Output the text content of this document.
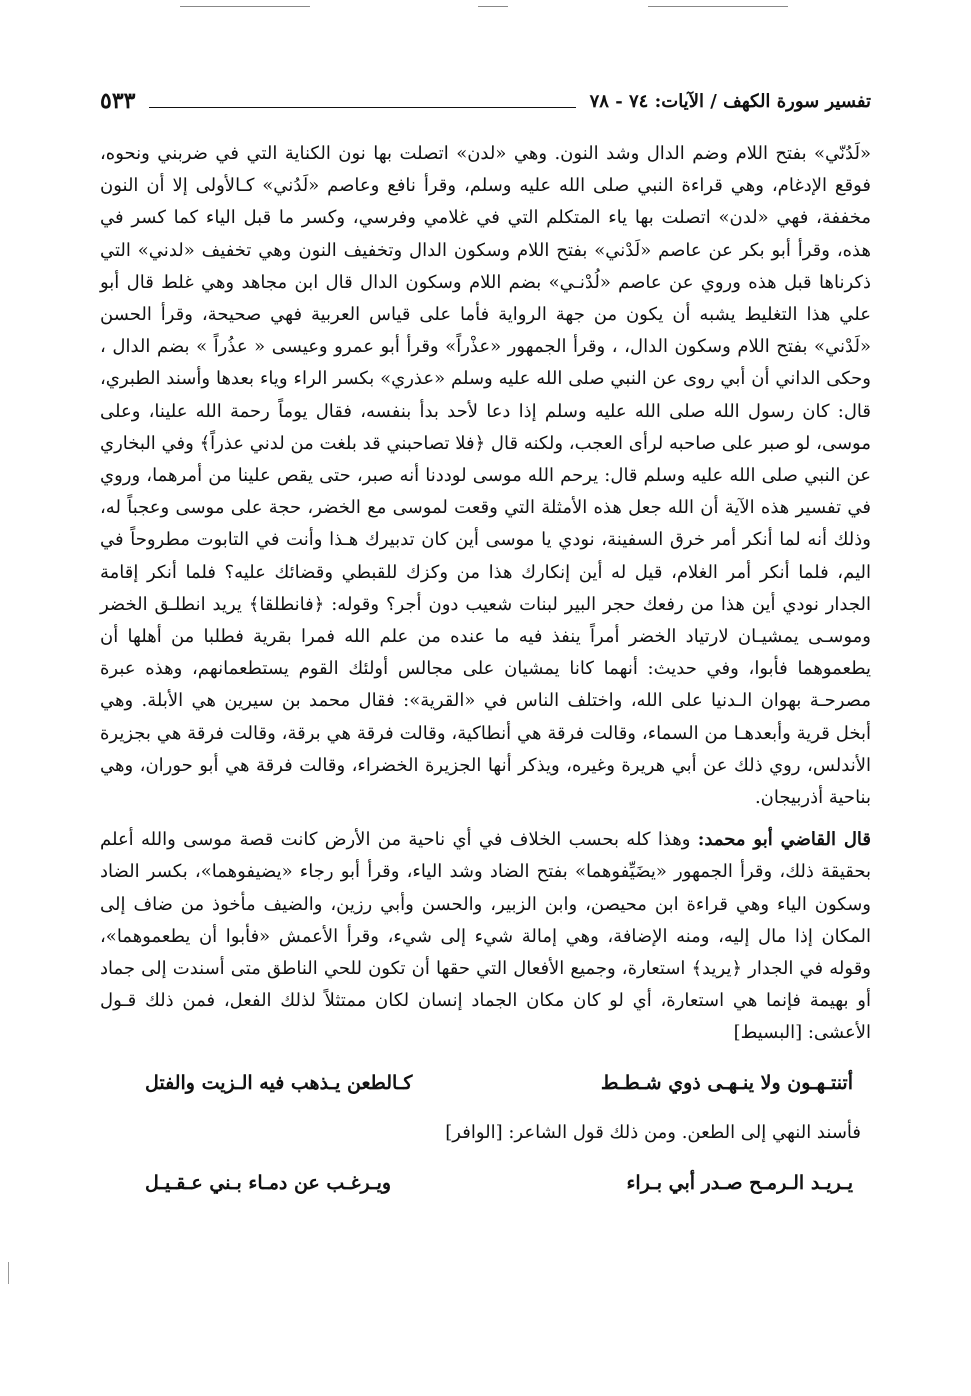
تفسير سورة الكهف / الآيات: ٧٤ - ٧٨
٥٣٣

«لَدُنّي» بفتح اللام وضم الدال وشد النون. وهي «لدن» اتصلت بها نون الكناية التي في ضربني ونحوه، فوقع الإدغام، وهي قراءة النبي صلى الله عليه وسلم، وقرأ نافع وعاصم «لَدُني» كـالأولى إلا أن النون مخففة، فهي «لدن» اتصلت بها ياء المتكلم التي في غلامي وفرسي، وكسر ما قبل الياء كما كسر في هذه، وقرأ أبو بكر عن عاصم «لَدْني» بفتح اللام وسكون الدال وتخفيف النون وهي تخفيف «لدني» التي ذكرناها قبل هذه وروي عن عاصم «لُدْنـي» بضم اللام وسكون الدال قال ابن مجاهد وهي غلط قال أبو علي هذا التغليط يشبه أن يكون من جهة الرواية فأما على قياس العربية فهي صحيحة، وقرأ الحسن «لَدْني» بفتح اللام وسكون الدال، ، وقرأ الجمهور «عذْراً» وقرأ أبو عمرو وعيسى « عذُراً » بضم الدال ، وحكى الداني أن أبي روى عن النبي صلى الله عليه وسلم «عذري» بكسر الراء وياء بعدها وأسند الطبري، قال: كان رسول الله صلى الله عليه وسلم إذا دعا لأحد بدأ بنفسه، فقال يوماً رحمة الله علينا، وعلى موسى، لو صبر على صاحبه لرأى العجب، ولكنه قال ﴿فلا تصاحبني قد بلغت من لدني عذراً﴾ وفي البخاري عن النبي صلى الله عليه وسلم قال: يرحم الله موسى لوددنا أنه صبر، حتى يقص علينا من أمرهما، وروي في تفسير هذه الآية أن الله جعل هذه الأمثلة التي وقعت لموسى مع الخضر، حجة على موسى وعجباً له، وذلك أنه لما أنكر أمر خرق السفينة، نودي يا موسى أين كان تدبيرك هـذا وأنت في التابوت مطروحاً في اليم، فلما أنكر أمر الغلام، قيل له أين إنكارك هذا من وكزك للقبطي وقضائك عليه؟ فلما أنكر إقامة الجدار نودي أين هذا من رفعك حجر البير لبنات شعيب دون أجر؟ وقوله: ﴿فانطلقا﴾ يريد انطلـق الخضر وموسـى يمشيـان لارتياد الخضر أمراً ينفذ فيه ما عنده من علم الله فمرا بقرية فطلبا من أهلها أن يطعموهما فأبوا، وفي حديث: أنهما كانا يمشيان على مجالس أولئك القوم يستطعمانهم، وهذه عبرة مصرحـة بهوان الـدنيا على الله، واختلف الناس في «القرية»: فقال محمد بن سيرين هي الأبلة. وهي أبخل قرية وأبعدهـا من السماء، وقالت فرقة هي أنطاكية، وقالت فرقة هي برقة، وقالت فرقة هي بجزيرة الأندلس، روي ذلك عن أبي هريرة وغيره، ويذكر أنها الجزيرة الخضراء، وقالت فرقة هي أبو حوران، وهي بناحية أذربيجان.

قال القاضي أبو محمد: وهذا كله بحسب الخلاف في أي ناحية من الأرض كانت قصة موسى والله أعلم بحقيقة ذلك، وقرأ الجمهور «يضَيِّفوهما» بفتح الضاد وشد الياء، وقرأ أبو رجاء «يضيفوهما»، بكسر الضاد وسكون الياء وهي قراءة ابن محيصن، وابن الزبير، والحسن وأبي رزين، والضيف مأخوذ من ضاف إلى المكان إذا مال إليه، ومنه الإضافة، وهي إمالة شيء إلى شيء، وقرأ الأعمش «فأبوا أن يطعموهما»، وقوله في الجدار ﴿يريد﴾ استعارة، وجميع الأفعال التي حقها أن تكون للحي الناطق متى أسندت إلى جماد أو بهيمة فإنما هي استعارة، أي لو كان مكان الجماد إنسان لكان ممتثلاً لذلك الفعل، فمن ذلك قـول الأعشى: [البسيط]

أتنتـهـون ولا ينـهـى ذوي شـطـط
كـالطعن يـذهب فيه الـزيت والفتل

فأسند النهي إلى الطعن. ومن ذلك قول الشاعر: [الوافر]

يـريـد الـرمـح صـدر أبي بـراء
ويـرغـب عن دمـاء بـني عـقـيـل
